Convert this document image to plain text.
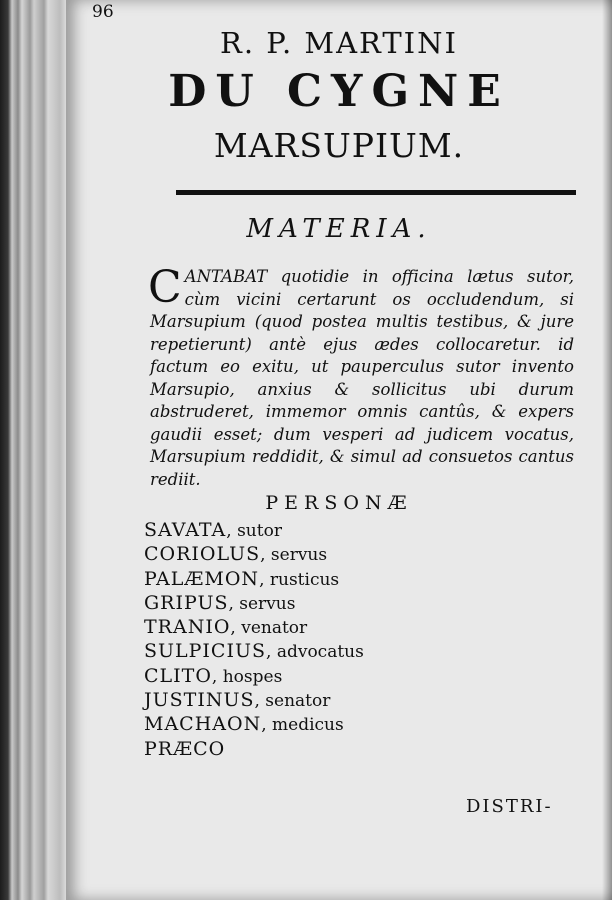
96
R. P. MARTINI
DU CYGNE
MARSUPIUM.
MATERIA.
CANTABAT quotidie in officina lætus sutor, cùm vicini certarunt os occludendum, si Marsupium (quod postea multis testibus, & jure repetierunt) antè ejus ædes collocaretur. id factum eo exitu, ut pauperculus sutor invento Marsupio, anxius & sollicitus ubi durum abstruderet, immemor omnis cantûs, & expers gaudii esset; dum vesperi ad judicem vocatus, Marsupium reddidit, & simul ad consuetos cantus rediit.
PERSONÆ
SAVATA, sutor
CORIOLUS, servus
PALÆMON, rusticus
GRIPUS, servus
TRANIO, venator
SULPICIUS, advocatus
CLITO, hospes
JUSTINUS, senator
MACHAON, medicus
PRÆCO
DISTRI-
